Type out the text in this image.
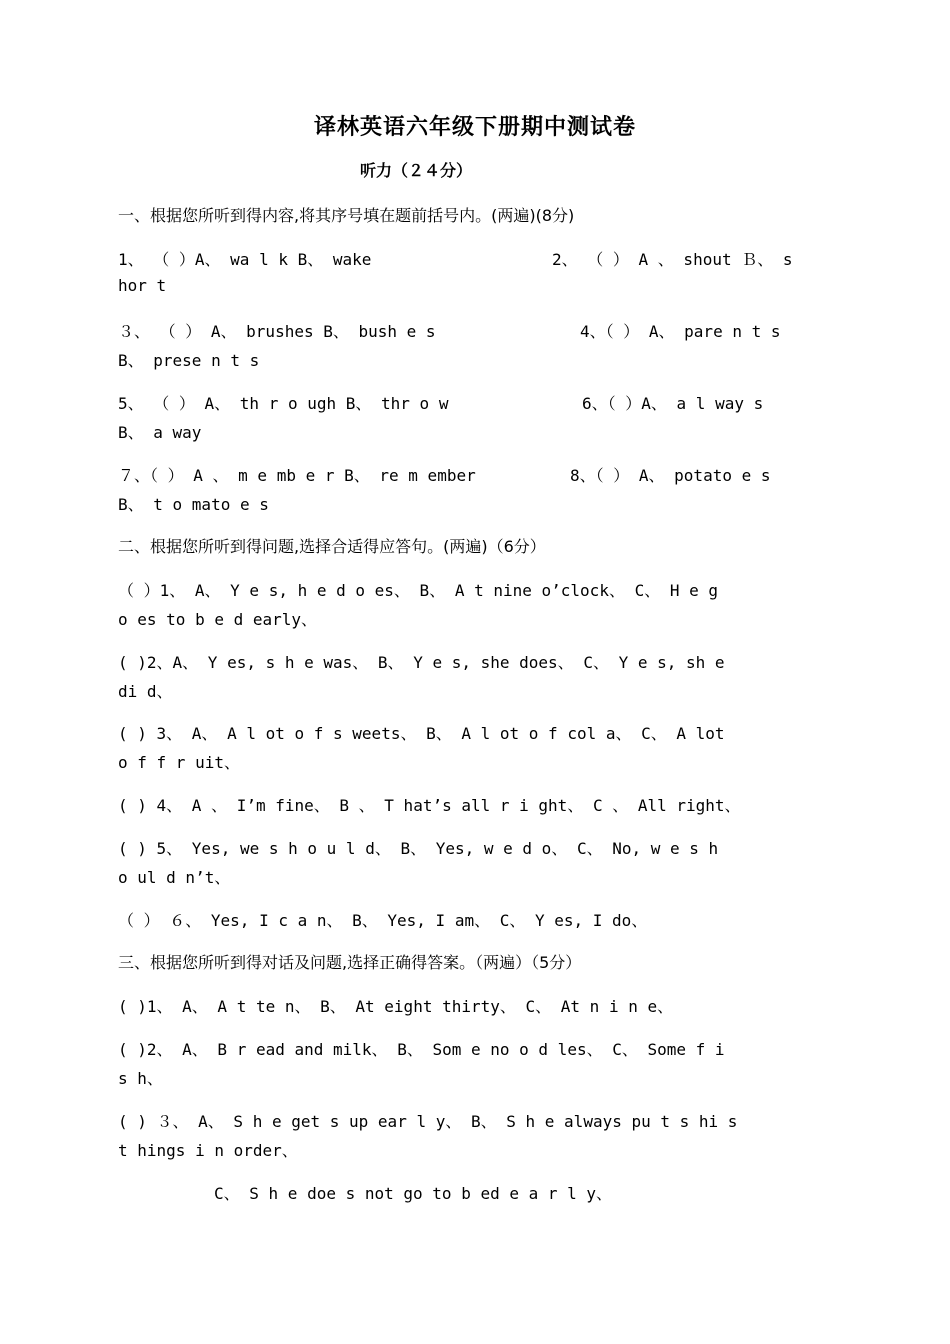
译林英语六年级下册期中测试卷
听力（２４分）
一、根据您所听到得内容,将其序号填在题前括号内。(两遍)(8分)
1、 （ ）A、 wa l k B、 wake	2、 （ ） A 、 shout Ｂ、 s
hor t
３、 （ ） A、 brushes B、 bush e s	4、（ ） A、 pare n t s
B、 prese n t s
5、 （ ） A、 th r o ugh B、 thr o w	6、（ ）A、 a l way s
B、 a way
７、（ ） A 、 m e mb e r B、 re m ember	8、（ ） A、 potato e s
B、 t o mato e s
二、根据您所听到得问题,选择合适得应答句。(两遍)（6分）
（ ）1、 A、 Y e s, h e d o es、 B、 A t nine o’clock、 C、 H e g
o es to b e d early、
( )2、A、 Y es, s h e was、 B、 Y e s, she does、 C、 Y e s, sh e
di d、
( ) 3、 A、 A l ot o f s weets、 B、 A l ot o f col a、 C、 A lot
o f f r uit、
( ) 4、 A 、 I’m fine、 B 、 T hat’s all r i ght、 C 、 All right、
( ) 5、 Yes, we s h o u l d、 B、 Yes, w e d o、 C、 No, w e s h
o ul d n’t、
（ ） ６、 Yes, I c a n、 B、 Yes, I am、 C、 Y es, I do、
三、根据您所听到得对话及问题,选择正确得答案。（两遍）（5分）
( )1、 A、 A t te n、 B、 At eight thirty、 C、 At n i n e、
( )2、 A、 B r ead and milk、 B、 Som e no o d les、 C、 Some f i
s h、
( ) ３、 A、 S h e get s up ear l y、 B、 S h e always pu t s hi s
t hings i n order、
C、 S h e doe s not go to b ed e a r l y、
